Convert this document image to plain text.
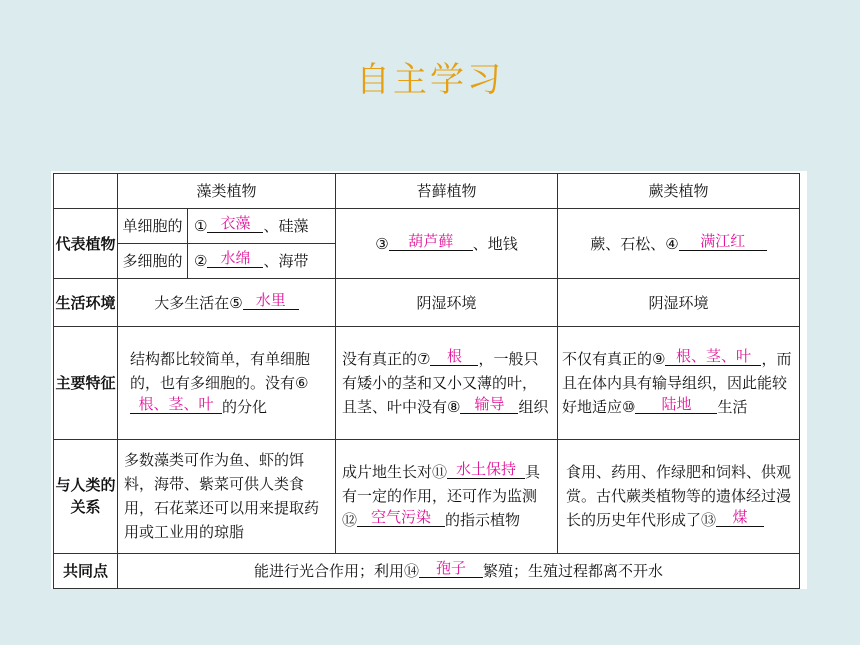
自主学习
	藻类植物		苔藓植物	蕨类植物
代表植物	单细胞的	① 衣藻 、硅藻	③ 葫芦藓 、地钱	蕨、石松、④ 满江红
	多细胞的	② 水绵 、海带		
生活环境	大多生活在⑤ 水里		阴湿环境	阴湿环境
主要特征	结构都比较简单，有单细胞的，也有多细胞的。没有⑥根、茎、叶 的分化		没有真正的⑦ 根 ，一般只有矮小的茎和又小又薄的叶，且茎、叶中没有⑧ 输导 组织	不仅有真正的⑨ 根、茎、叶 ，而且在体内具有输导组织，因此能较好地适应⑩ 陆地 生活

与人类的关系	多数藻类可作为鱼、虾的饵料，海带、紫菜可供人类食用，石花菜还可以用来提取药用或工业用的琼脂		成片地生长对⑪ 水土保持 具有一定的作用，还可作为监测⑫ 空气污染 的指示植物	食用、药用、作绿肥和饲料、供观赏。古代蕨类植物等的遗体经过漫长的历史年代形成了⑬ 煤

共同点	能进行光合作用；利用⑭ 孢子 繁殖；生殖过程都离不开水			
